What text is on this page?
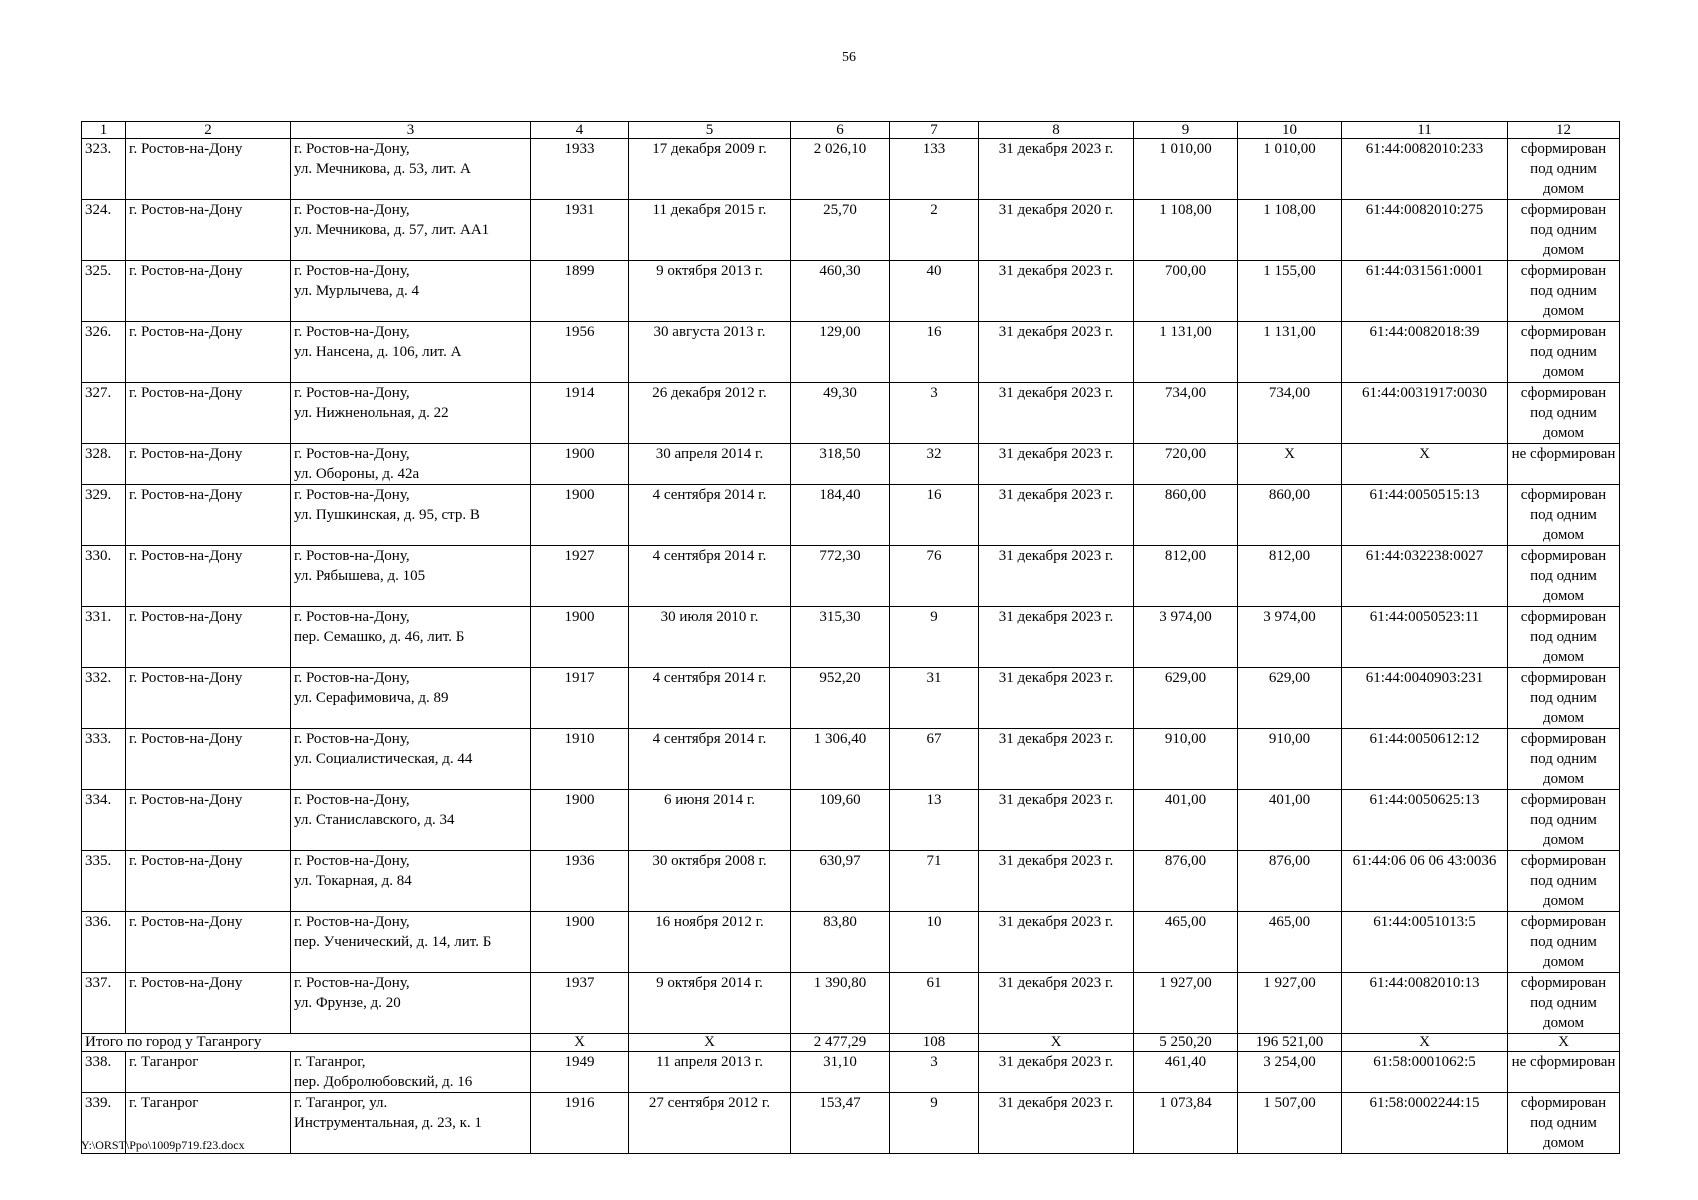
56
1	2	3	4	5	6	7	8	9	10	11	12
323.	г. Ростов-на-Дону	г. Ростов-на-Дону,
ул. Мечникова, д. 53, лит. А	1933	17 декабря 2009 г.	2 026,10	133	31 декабря 2023 г.	1 010,00	1 010,00	61:44:0082010:233	сформирован под одним домом
324.	г. Ростов-на-Дону	г. Ростов-на-Дону,
ул. Мечникова, д. 57, лит. АА1	1931	11 декабря 2015 г.	25,70	2	31 декабря 2020 г.	1 108,00	1 108,00	61:44:0082010:275	сформирован под одним домом
325.	г. Ростов-на-Дону	г. Ростов-на-Дону,
ул. Мурлычева, д. 4	1899	9 октября 2013 г.	460,30	40	31 декабря 2023 г.	700,00	1 155,00	61:44:031561:0001	сформирован под одним домом
326.	г. Ростов-на-Дону	г. Ростов-на-Дону,
ул. Нансена, д. 106, лит. А	1956	30 августа 2013 г.	129,00	16	31 декабря 2023 г.	1 131,00	1 131,00	61:44:0082018:39	сформирован под одним домом
327.	г. Ростов-на-Дону	г. Ростов-на-Дону,
ул. Нижненольная, д. 22	1914	26 декабря 2012 г.	49,30	3	31 декабря 2023 г.	734,00	734,00	61:44:0031917:0030	сформирован под одним домом
328.	г. Ростов-на-Дону	г. Ростов-на-Дону,
ул. Обороны, д. 42а	1900	30 апреля 2014 г.	318,50	32	31 декабря 2023 г.	720,00	Х	Х	не сформирован
329.	г. Ростов-на-Дону	г. Ростов-на-Дону,
ул. Пушкинская, д. 95, стр. В	1900	4 сентября 2014 г.	184,40	16	31 декабря 2023 г.	860,00	860,00	61:44:0050515:13	сформирован под одним домом
330.	г. Ростов-на-Дону	г. Ростов-на-Дону,
ул. Рябышева, д. 105	1927	4 сентября 2014 г.	772,30	76	31 декабря 2023 г.	812,00	812,00	61:44:032238:0027	сформирован под одним домом
331.	г. Ростов-на-Дону	г. Ростов-на-Дону,
пер. Семашко, д. 46, лит. Б	1900	30 июля 2010 г.	315,30	9	31 декабря 2023 г.	3 974,00	3 974,00	61:44:0050523:11	сформирован под одним домом
332.	г. Ростов-на-Дону	г. Ростов-на-Дону,
ул. Серафимовича, д. 89	1917	4 сентября 2014 г.	952,20	31	31 декабря 2023 г.	629,00	629,00	61:44:0040903:231	сформирован под одним домом
333.	г. Ростов-на-Дону	г. Ростов-на-Дону,
ул. Социалистическая, д. 44	1910	4 сентября 2014 г.	1 306,40	67	31 декабря 2023 г.	910,00	910,00	61:44:0050612:12	сформирован под одним домом
334.	г. Ростов-на-Дону	г. Ростов-на-Дону,
ул. Станиславского, д. 34	1900	6 июня 2014 г.	109,60	13	31 декабря 2023 г.	401,00	401,00	61:44:0050625:13	сформирован под одним домом
335.	г. Ростов-на-Дону	г. Ростов-на-Дону,
ул. Токарная, д. 84	1936	30 октября 2008 г.	630,97	71	31 декабря 2023 г.	876,00	876,00	61:44:06 06 06 43:0036	сформирован под одним домом
336.	г. Ростов-на-Дону	г. Ростов-на-Дону,
пер. Ученический, д. 14, лит. Б	1900	16 ноября 2012 г.	83,80	10	31 декабря 2023 г.	465,00	465,00	61:44:0051013:5	сформирован под одним домом
337.	г. Ростов-на-Дону	г. Ростов-на-Дону,
ул. Фрунзе, д. 20	1937	9 октября 2014 г.	1 390,80	61	31 декабря 2023 г.	1 927,00	1 927,00	61:44:0082010:13	сформирован под одним домом
Итого по город у Таганрогу			Х	Х	2 477,29	108	Х	5 250,20	196 521,00	Х	Х
338.	г. Таганрог	г. Таганрог,
пер. Добролюбовский, д. 16	1949	11 апреля 2013 г.	31,10	3	31 декабря 2023 г.	461,40	3 254,00	61:58:0001062:5	не сформирован
339.	г. Таганрог	г. Таганрог, ул.
Инструментальная, д. 23, к. 1	1916	27 сентября 2012 г.	153,47	9	31 декабря 2023 г.	1 073,84	1 507,00	61:58:0002244:15	сформирован под одним домом
Y:\ORST\Ppo\1009p719.f23.docx
